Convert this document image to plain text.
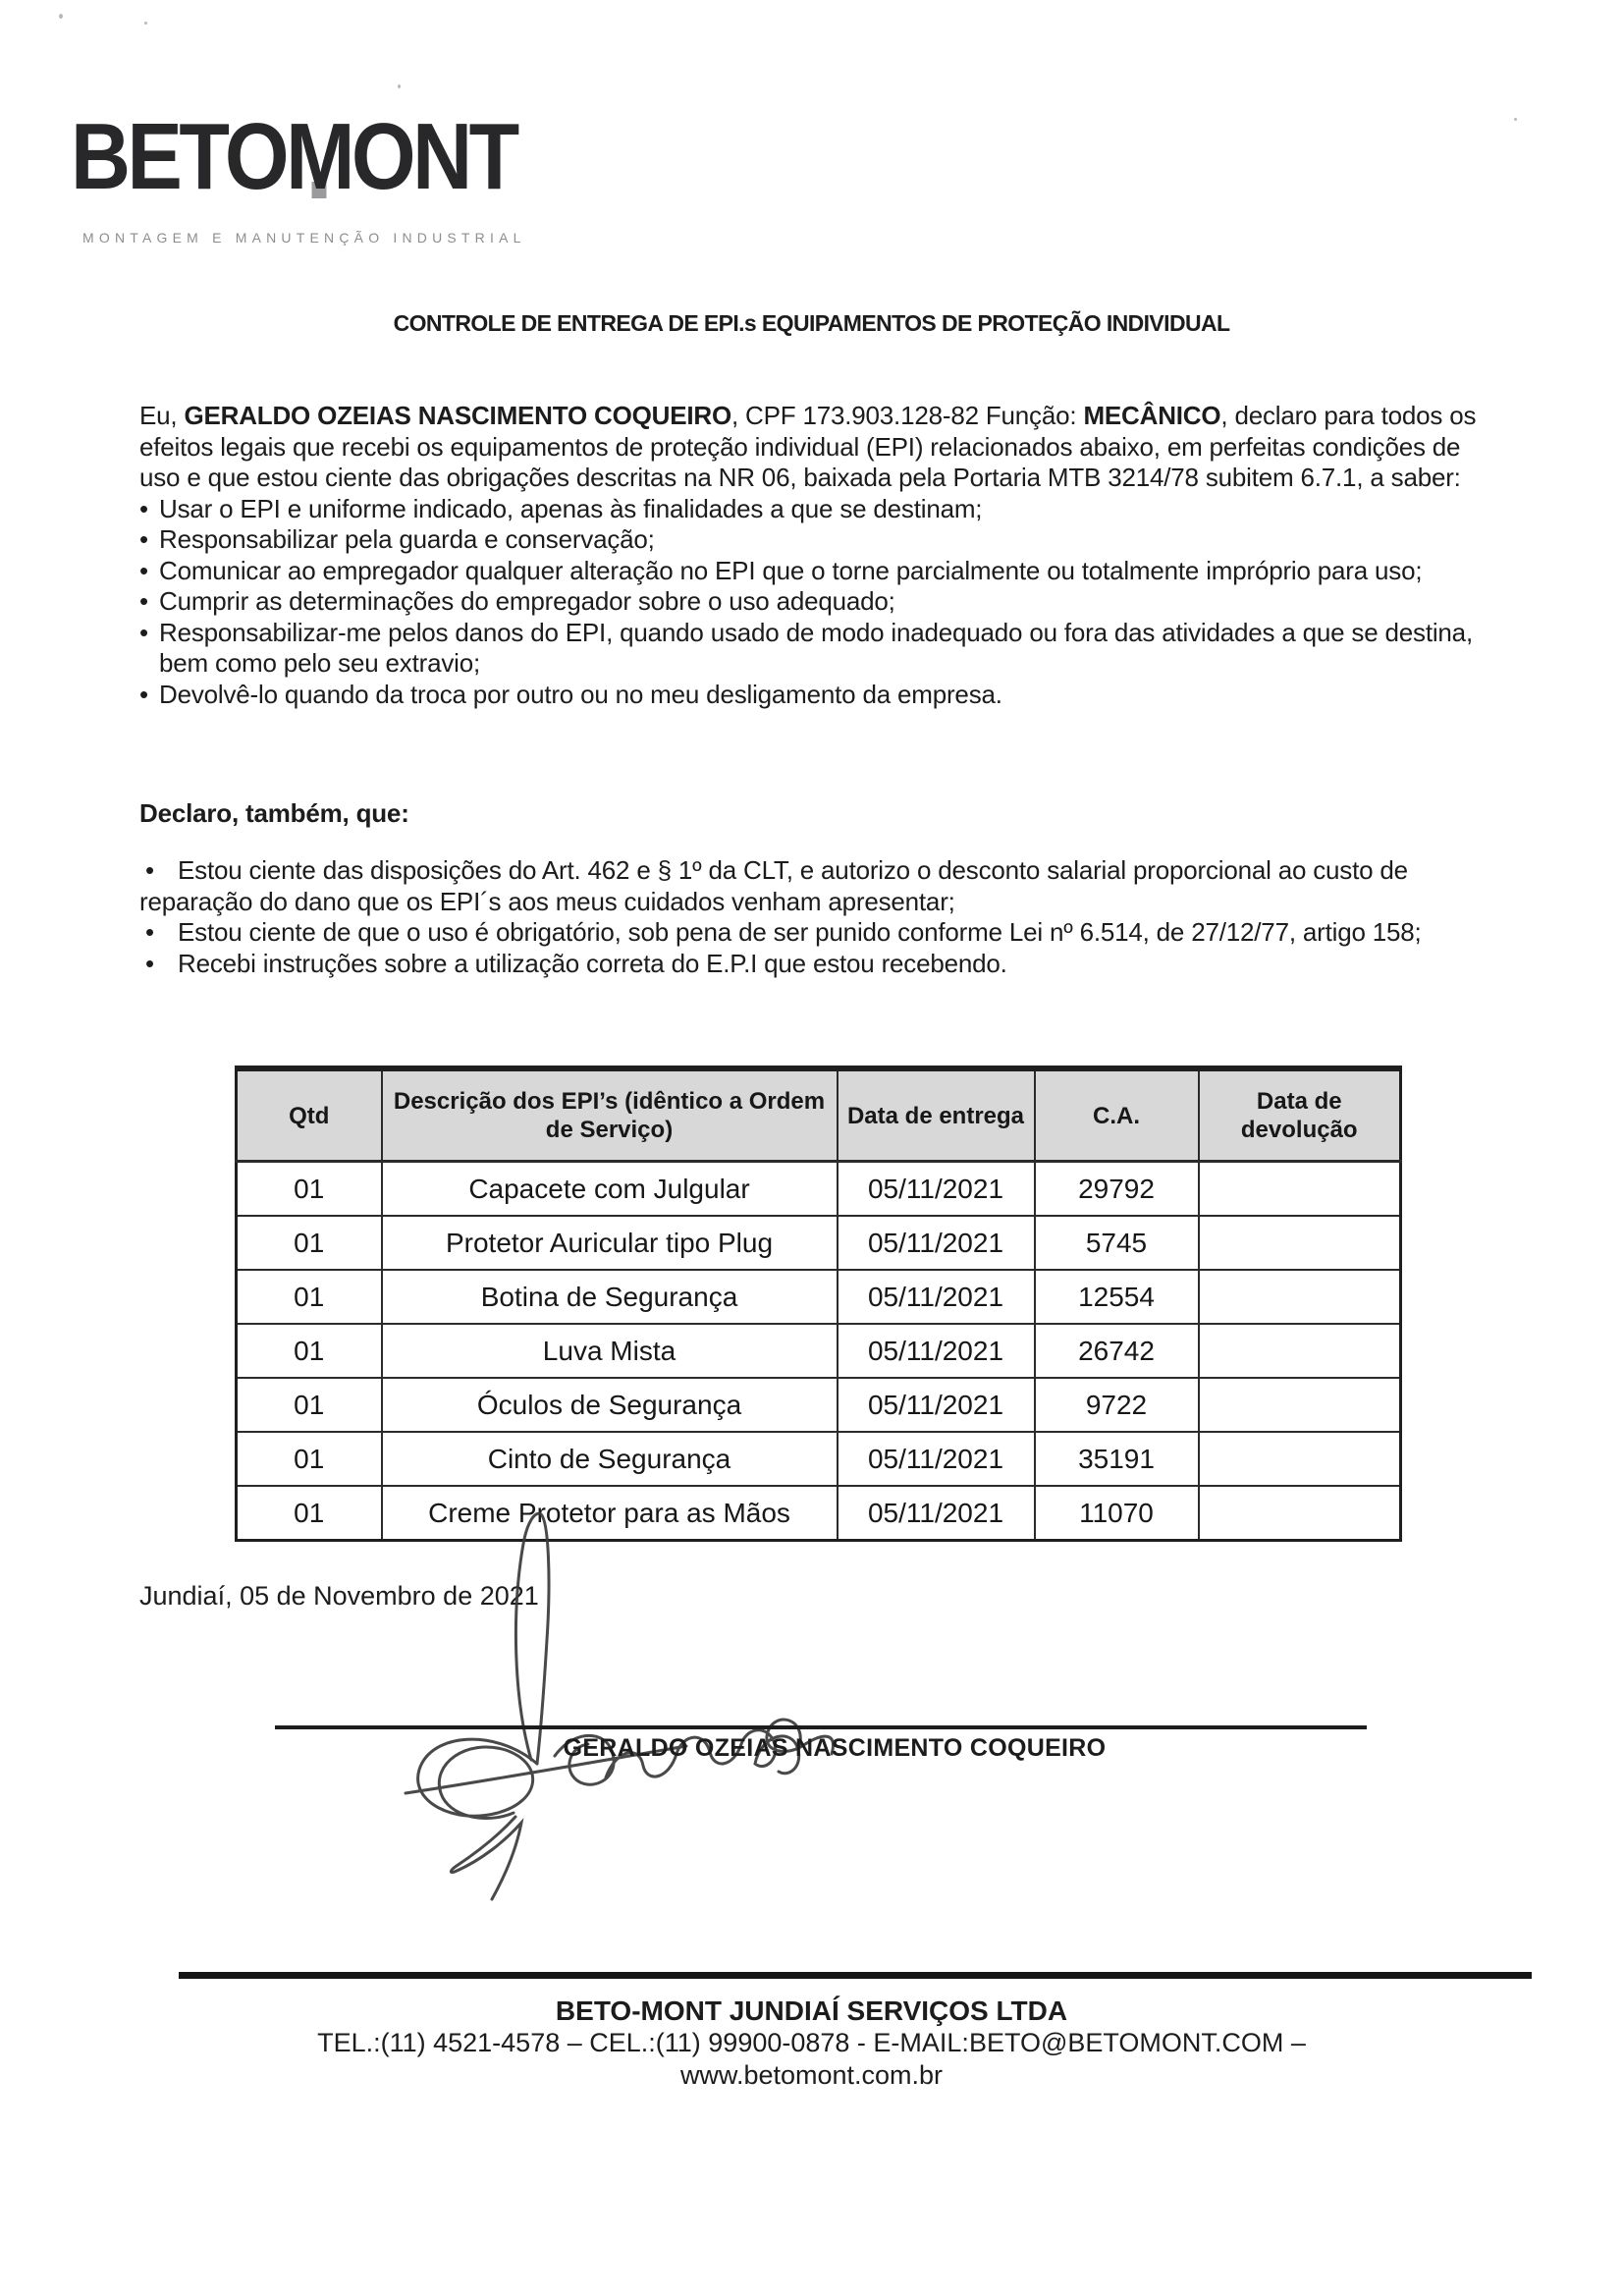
BETO
MONT
MONTAGEM E MANUTENÇÃO INDUSTRIAL
CONTROLE DE ENTREGA DE EPI.s EQUIPAMENTOS DE PROTEÇÃO INDIVIDUAL

Eu, GERALDO OZEIAS NASCIMENTO COQUEIRO, CPF 173.903.128-82 Função: MECÂNICO, declaro para todos os efeitos legais que recebi os equipamentos de proteção individual (EPI) relacionados abaixo, em perfeitas condições de uso e que estou ciente das obrigações descritas na NR 06, baixada pela Portaria MTB 3214/78 subitem 6.7.1, a saber:

• Usar o EPI e uniforme indicado, apenas às finalidades a que se destinam;
• Responsabilizar pela guarda e conservação;
• Comunicar ao empregador qualquer alteração no EPI que o torne parcialmente ou totalmente impróprio para uso;
• Cumprir as determinações do empregador sobre o uso adequado;
• Responsabilizar-me pelos danos do EPI, quando usado de modo inadequado ou fora das atividades a que se destina, bem como pelo seu extravio;
• Devolvê-lo quando da troca por outro ou no meu desligamento da empresa.
Declaro, também, que:
• Estou ciente das disposições do Art. 462 e § 1º da CLT, e autorizo o desconto salarial proporcional ao custo de reparação do dano que os EPI´s aos meus cuidados venham apresentar;
• Estou ciente de que o uso é obrigatório, sob pena de ser punido conforme Lei nº 6.514, de 27/12/77, artigo 158;
• Recebi instruções sobre a utilização correta do E.P.I que estou recebendo.
Qtd	Descrição dos EPI’s (idêntico a Ordem de Serviço)	Data de entrega	C.A.	Data de devolução
01	Capacete com Julgular	05/11/2021	29792	
01	Protetor Auricular tipo Plug	05/11/2021	5745	
01	Botina de Segurança	05/11/2021	12554	
01	Luva Mista	05/11/2021	26742	
01	Óculos de Segurança	05/11/2021	9722	
01	Cinto de Segurança	05/11/2021	35191	
01	Creme Protetor para as Mãos	05/11/2021	11070	
Jundiaí, 05 de Novembro de 2021
GERALDO OZEIAS NASCIMENTO COQUEIRO
BETO-MONT JUNDIAÍ SERVIÇOS LTDA
TEL.:(11) 4521-4578 – CEL.:(11) 99900-0878 - E-MAIL:BETO@BETOMONT.COM –
www.betomont.com.br
